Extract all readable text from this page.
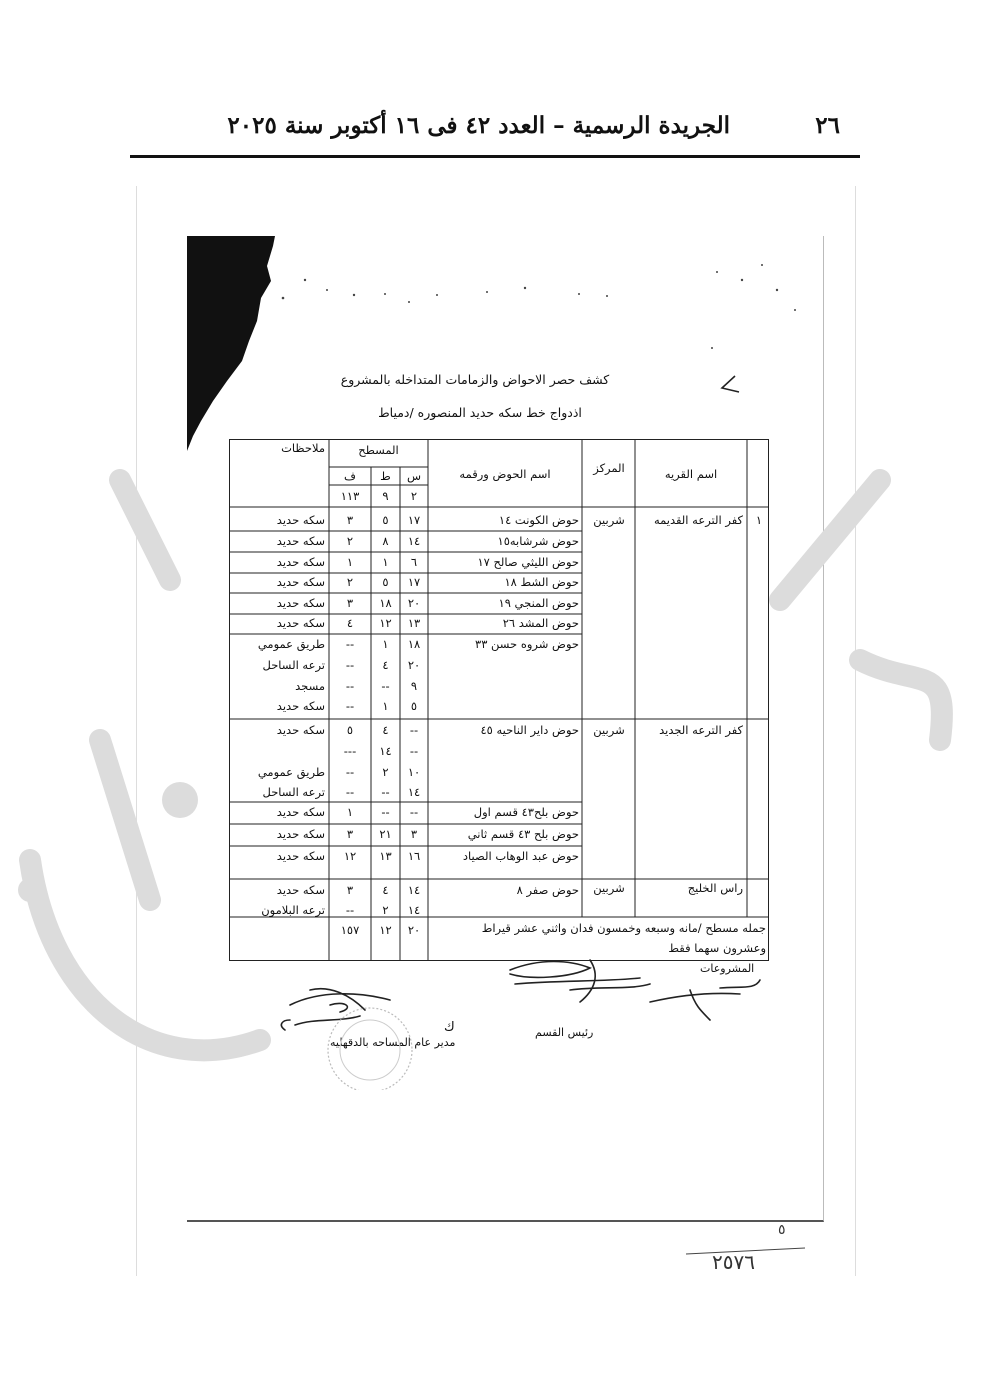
الجريدة الرسمية – العدد ٤٢ فى ١٦ أكتوبر سنة ٢٠٢٥	٢٦
كشف حصر الاحواض والزمامات المتداخله بالمشروع
اذدواج خط سكه حديد المنصوره /دمياط
اسم القريه
المركز
اسم الحوض ورقمه
المسطح
س
ط
ف
ملاحظات
٢
٩
١١٣
١
كفر الترعه القديمه
شربين
كفر الترعه الجديد
شربين
راس الخليج
شربين
حوض الكونت ١٤
١٧
٥
٣
سكه حديد
حوض شرشابه١٥
١٤
٨
٢
سكه حديد
حوض الليثي صالح ١٧
٦
١
١
سكه حديد
حوض الشط ١٨
١٧
٥
٢
سكه حديد
حوض المنجي ١٩
٢٠
١٨
٣
سكه حديد
حوض المشد ٢٦
١٣
١٢
٤
سكه حديد
حوض شروه حسن ٣٣
١٨
١
--
طريق عمومي
٢٠
٤
--
ترعه الساحل
٩
--
--
مسجد
٥
١
--
سكه حديد
حوض داير الناحيه ٤٥
--
٤
٥
سكه حديد
--
١٤
---
١٠
٢
--
طريق عمومي
١٤
--
--
ترعه الساحل
حوض بلح٤٣ قسم اول
--
--
١
سكه حديد
حوض بلح ٤٣ قسم ثاني
٣
٢١
٣
سكه حديد
حوض عبد الوهاب الصياد
١٦
١٣
١٢
سكه حديد
حوض صفر ٨
١٤
٤
٣
سكه حديد
١٤
٢
--
ترعه البلامون
٢٠
١٢
١٥٧	جمله مسطح /مانه وسبعه وخمسون فدان واثني عشر قيراط
وعشرون سهما فقط
المشروعات
رئيس القسم
مدير عام المساحه بالدقهليه
ك
٥
٢٥٧٦
